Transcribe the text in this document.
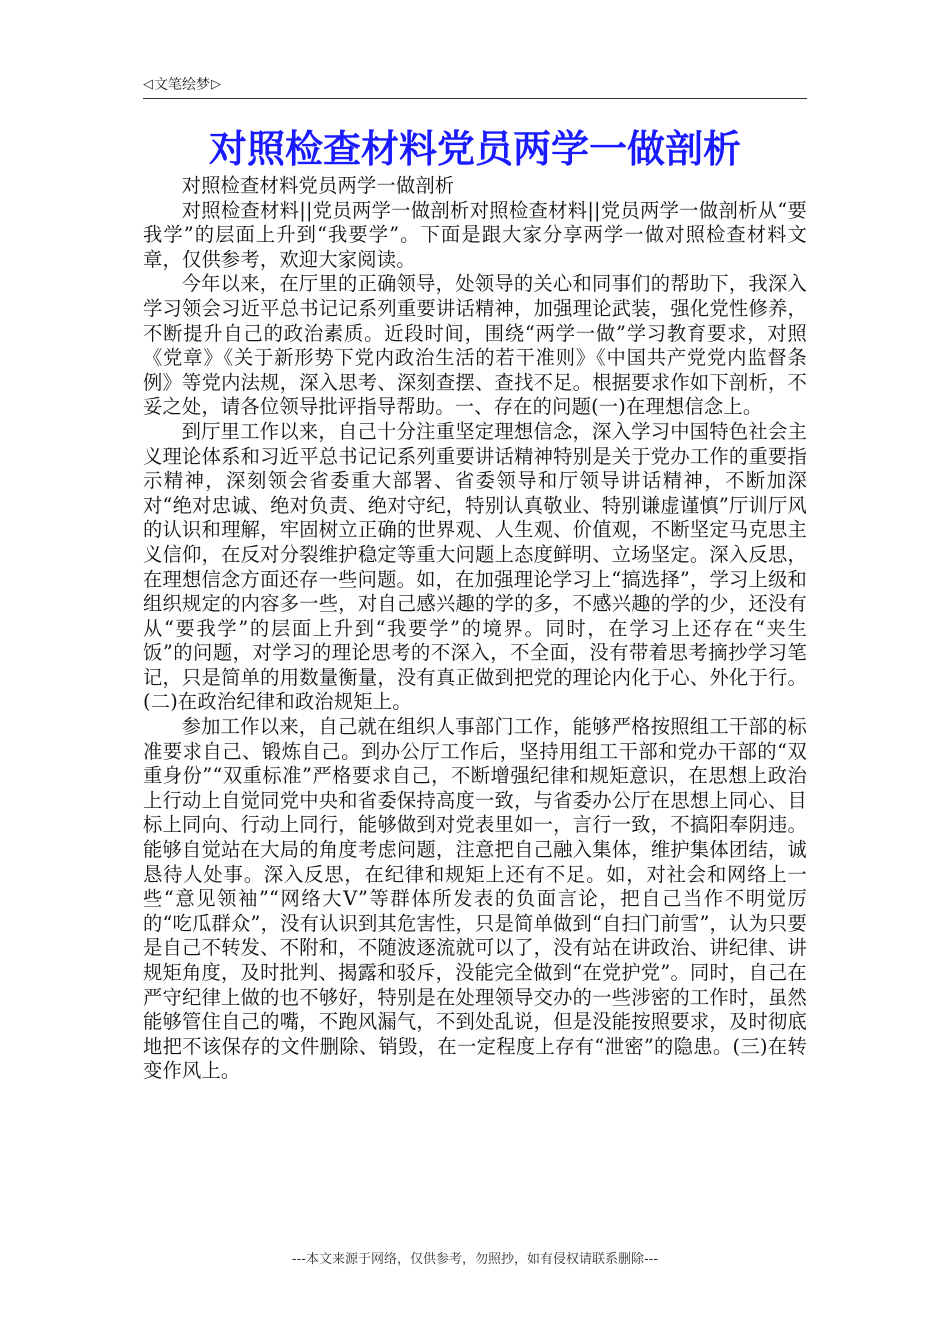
◁ 文笔绘梦 ▷
对照检查材料党员两学一做剖析

对照检查材料党员两学一做剖析

对照检查材料||党员两学一做剖析对照检查材料||党员两学一做剖析从“要我学”的层面上升到“我要学”。下面是跟大家分享两学一做对照检查材料文章，仅供参考，欢迎大家阅读。

今年以来，在厅里的正确领导，处领导的关心和同事们的帮助下，我深入学习领会习近平总书记记系列重要讲话精神，加强理论武装，强化党性修养，不断提升自己的政治素质。近段时间，围绕“两学一做”学习教育要求，对照《党章》《关于新形势下党内政治生活的若干准则》《中国共产党党内监督条例》等党内法规，深入思考、深刻查摆、查找不足。根据要求作如下剖析，不妥之处，请各位领导批评指导帮助。一、存在的问题(一)在理想信念上。

到厅里工作以来，自己十分注重坚定理想信念，深入学习中国特色社会主义理论体系和习近平总书记记系列重要讲话精神特别是关于党办工作的重要指示精神，深刻领会省委重大部署、省委领导和厅领导讲话精神，不断加深对“绝对忠诚、绝对负责、绝对守纪，特别认真敬业、特别谦虚谨慎”厅训厅风的认识和理解，牢固树立正确的世界观、人生观、价值观，不断坚定马克思主义信仰，在反对分裂维护稳定等重大问题上态度鲜明、立场坚定。深入反思，在理想信念方面还存一些问题。如，在加强理论学习上“搞选择”，学习上级和组织规定的内容多一些，对自己感兴趣的学的多，不感兴趣的学的少，还没有从“要我学”的层面上升到“我要学”的境界。同时，在学习上还存在“夹生饭”的问题，对学习的理论思考的不深入，不全面，没有带着思考摘抄学习笔记，只是简单的用数量衡量，没有真正做到把党的理论内化于心、外化于行。(二)在政治纪律和政治规矩上。

参加工作以来，自己就在组织人事部门工作，能够严格按照组工干部的标准要求自己、锻炼自己。到办公厅工作后，坚持用组工干部和党办干部的“双重身份”“双重标准”严格要求自己，不断增强纪律和规矩意识，在思想上政治上行动上自觉同党中央和省委保持高度一致，与省委办公厅在思想上同心、目标上同向、行动上同行，能够做到对党表里如一，言行一致，不搞阳奉阴违。能够自觉站在大局的角度考虑问题，注意把自己融入集体，维护集体团结，诚恳待人处事。深入反思，在纪律和规矩上还有不足。如，对社会和网络上一些“意见领袖”“网络大V”等群体所发表的负面言论，把自己当作不明觉厉的“吃瓜群众”，没有认识到其危害性，只是简单做到“自扫门前雪”，认为只要是自己不转发、不附和，不随波逐流就可以了，没有站在讲政治、讲纪律、讲规矩角度，及时批判、揭露和驳斥，没能完全做到“在党护党”。同时，自己在严守纪律上做的也不够好，特别是在处理领导交办的一些涉密的工作时，虽然能够管住自己的嘴，不跑风漏气，不到处乱说，但是没能按照要求，及时彻底地把不该保存的文件删除、销毁，在一定程度上存有“泄密”的隐患。(三)在转变作风上。

---本文来源于网络，仅供参考，勿照抄，如有侵权请联系删除---
